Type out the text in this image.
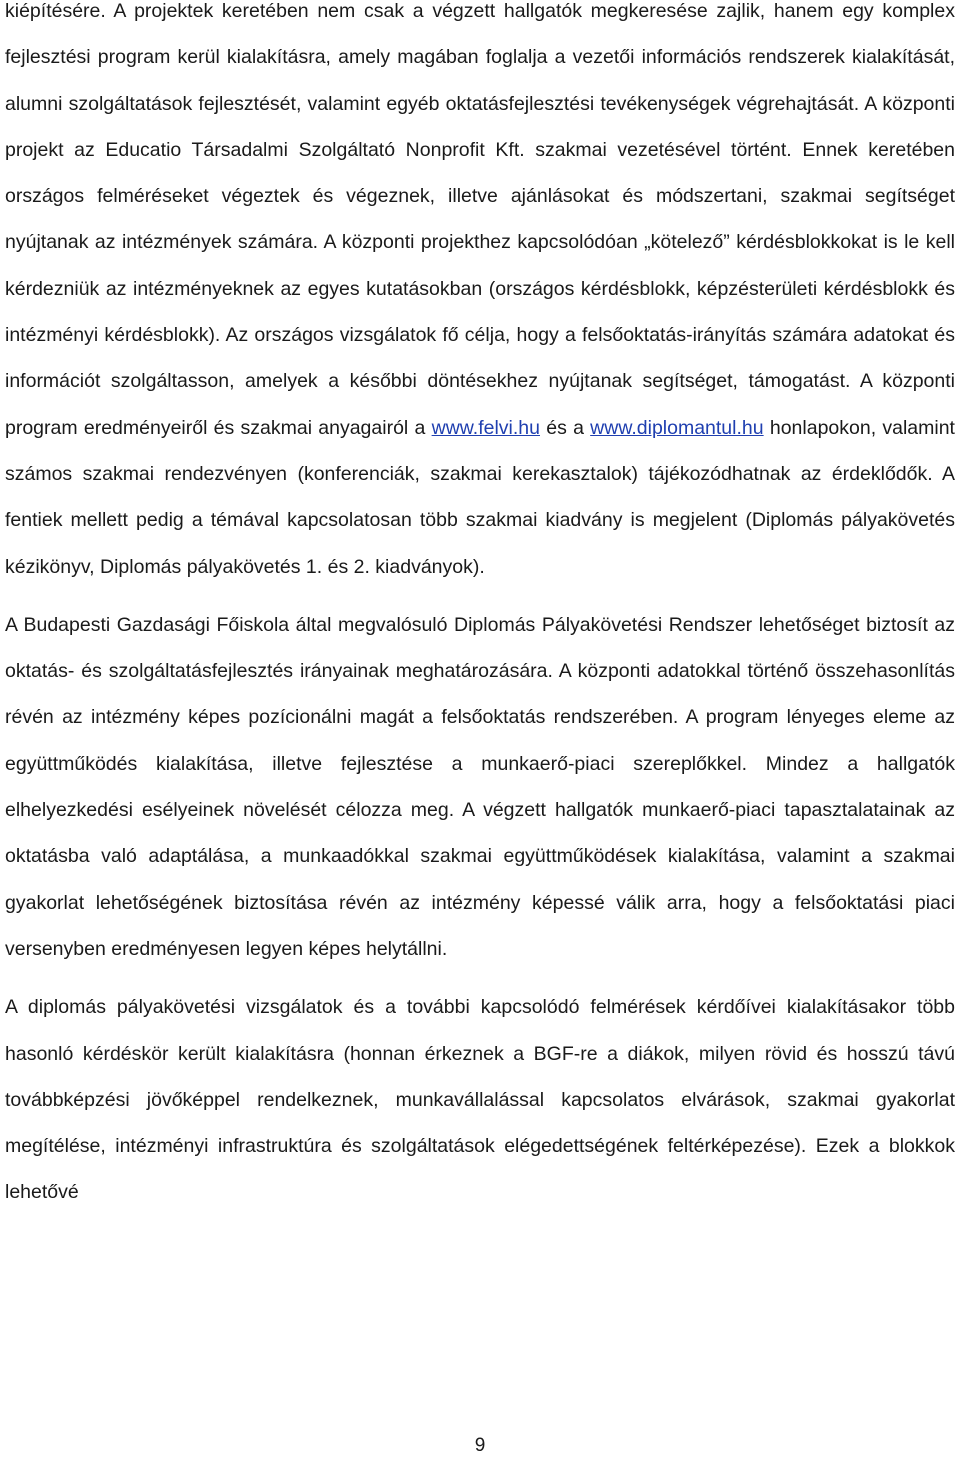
kiépítésére. A projektek keretében nem csak a végzett hallgatók megkeresése zajlik, hanem egy komplex fejlesztési program kerül kialakításra, amely magában foglalja a vezetői információs rendszerek kialakítását, alumni szolgáltatások fejlesztését, valamint egyéb oktatásfejlesztési tevékenységek végrehajtását. A központi projekt az Educatio Társadalmi Szolgáltató Nonprofit Kft. szakmai vezetésével történt. Ennek keretében országos felméréseket végeztek és végeznek, illetve ajánlásokat és módszertani, szakmai segítséget nyújtanak az intézmények számára. A központi projekthez kapcsolódóan „kötelező” kérdésblokkokat is le kell kérdezniük az intézményeknek az egyes kutatásokban (országos kérdésblokk, képzésterületi kérdésblokk és intézményi kérdésblokk). Az országos vizsgálatok fő célja, hogy a felsőoktatás-irányítás számára adatokat és információt szolgáltasson, amelyek a későbbi döntésekhez nyújtanak segítséget, támogatást. A központi program eredményeiről és szakmai anyagairól a www.felvi.hu és a www.diplomantul.hu honlapokon, valamint számos szakmai rendezvényen (konferenciák, szakmai kerekasztalok) tájékozódhatnak az érdeklődők. A fentiek mellett pedig a témával kapcsolatosan több szakmai kiadvány is megjelent (Diplomás pályakövetés kézikönyv, Diplomás pályakövetés 1. és 2. kiadványok).

A Budapesti Gazdasági Főiskola által megvalósuló Diplomás Pályakövetési Rendszer lehetőséget biztosít az oktatás- és szolgáltatásfejlesztés irányainak meghatározására. A központi adatokkal történő összehasonlítás révén az intézmény képes pozícionálni magát a felsőoktatás rendszerében. A program lényeges eleme az együttműködés kialakítása, illetve fejlesztése a munkaerő-piaci szereplőkkel. Mindez a hallgatók elhelyezkedési esélyeinek növelését célozza meg. A végzett hallgatók munkaerő-piaci tapasztalatainak az oktatásba való adaptálása, a munkaadókkal szakmai együttműködések kialakítása, valamint a szakmai gyakorlat lehetőségének biztosítása révén az intézmény képessé válik arra, hogy a felsőoktatási piaci versenyben eredményesen legyen képes helytállni.

A diplomás pályakövetési vizsgálatok és a további kapcsolódó felmérések kérdőívei kialakításakor több hasonló kérdéskör került kialakításra (honnan érkeznek a BGF-re a diákok, milyen rövid és hosszú távú továbbképzési jövőképpel rendelkeznek, munkavállalással kapcsolatos elvárások, szakmai gyakorlat megítélése, intézményi infrastruktúra és szolgáltatások elégedettségének feltérképezése). Ezek a blokkok lehetővé

9
